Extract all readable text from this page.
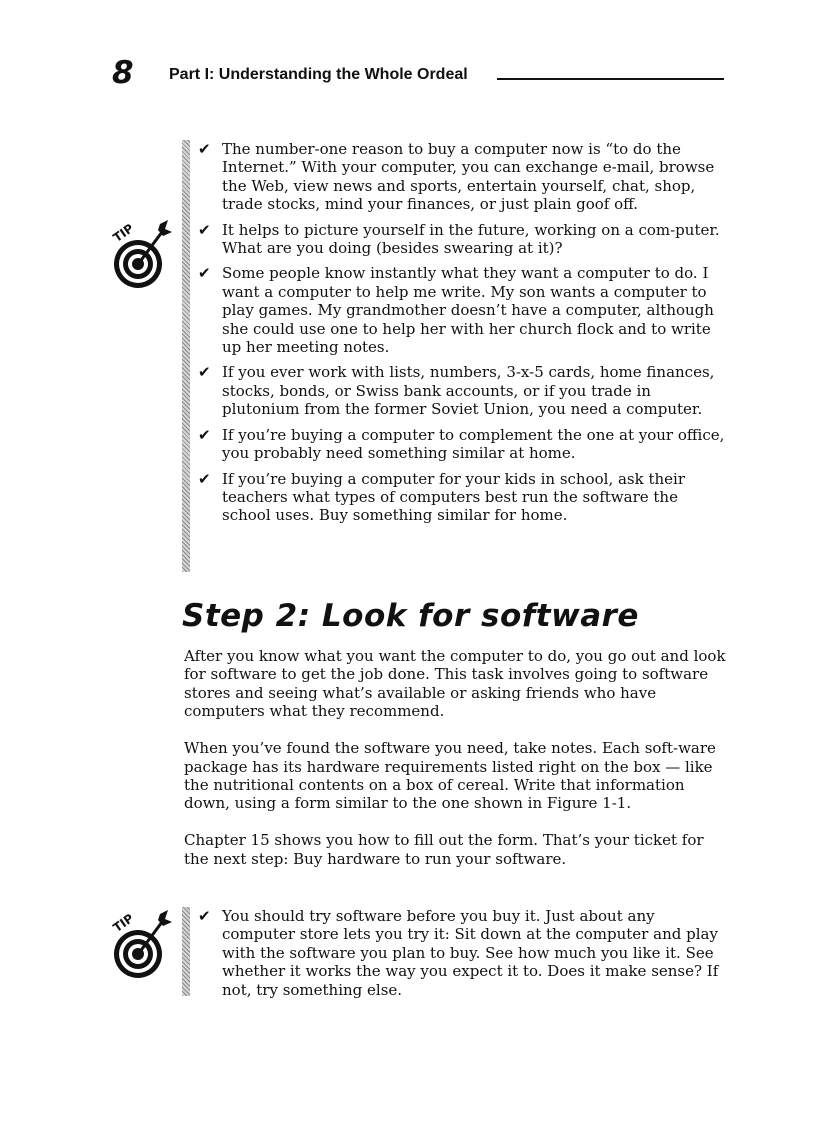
8 Part I: Understanding the Whole Ordeal
TIP
✔ The number-one reason to buy a computer now is “to do the Internet.” With your computer, you can exchange e-mail, browse the Web, view news and sports, entertain yourself, chat, shop, trade stocks, mind your finances, or just plain goof off.
✔ It helps to picture yourself in the future, working on a com-puter. What are you doing (besides swearing at it)?
✔ Some people know instantly what they want a computer to do. I want a computer to help me write. My son wants a computer to play games. My grandmother doesn’t have a computer, although she could use one to help her with her church flock and to write up her meeting notes.
✔ If you ever work with lists, numbers, 3-x-5 cards, home finances, stocks, bonds, or Swiss bank accounts, or if you trade in plutonium from the former Soviet Union, you need a computer.
✔ If you’re buying a computer to complement the one at your office, you probably need something similar at home.
✔ If you’re buying a computer for your kids in school, ask their teachers what types of computers best run the software the school uses. Buy something similar for home.
Step 2: Look for software

After you know what you want the computer to do, you go out and look for software to get the job done. This task involves going to software stores and seeing what’s available or asking friends who have computers what they recommend.

When you’ve found the software you need, take notes. Each soft-ware package has its hardware requirements listed right on the box — like the nutritional contents on a box of cereal. Write that information down, using a form similar to the one shown in Figure 1-1.

Chapter 15 shows you how to fill out the form. That’s your ticket for the next step: Buy hardware to run your software.

TIP	✔ You should try software before you buy it. Just about any computer store lets you try it: Sit down at the computer and play with the software you plan to buy. See how much you like it. See whether it works the way you expect it to. Does it make sense? If not, try something else.
